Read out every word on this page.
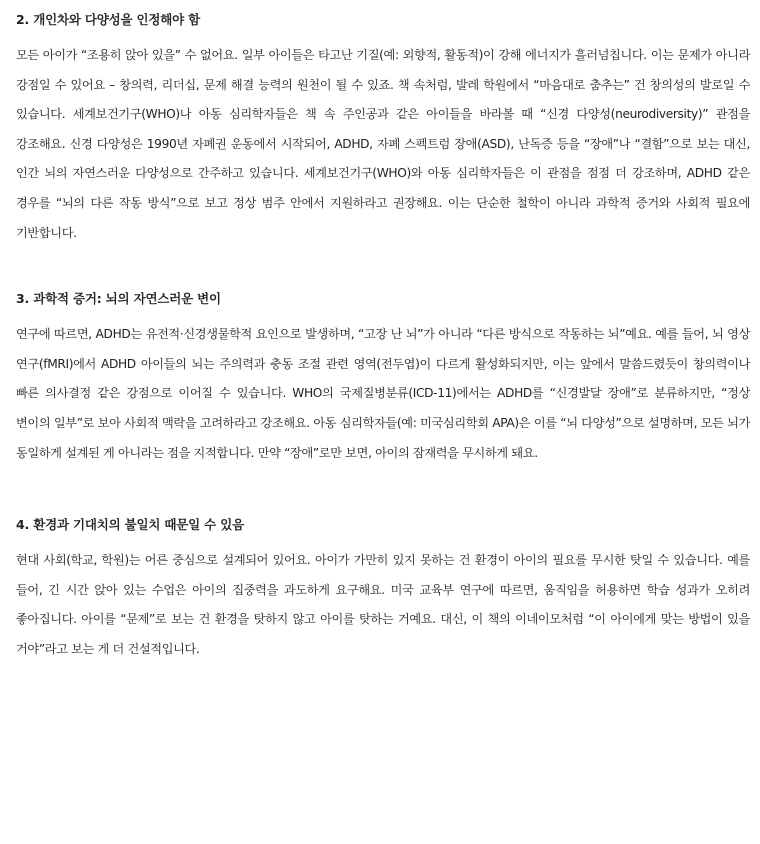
2. 개인차와 다양성을 인정해야 함

모든 아이가 “조용히 앉아 있을” 수 없어요. 일부 아이들은 타고난 기질(예: 외향적, 활동적)이 강해 에너지가 흘러넘칩니다. 이는 문제가 아니라 강점일 수 있어요 – 창의력, 리더십, 문제 해결 능력의 원천이 될 수 있죠. 책 속처럼, 발레 학원에서 “마음대로 춤추는” 건 창의성의 발로일 수 있습니다. 세계보건기구(WHO)나 아동 심리학자들은 책 속 주인공과 같은 아이들을 바라볼 때 “신경 다양성(neurodiversity)” 관점을 강조해요. 신경 다양성은 1990년 자폐권 운동에서 시작되어, ADHD, 자폐 스펙트럼 장애(ASD), 난독증 등을 “장애”나 “결함”으로 보는 대신, 인간 뇌의 자연스러운 다양성으로 간주하고 있습니다. 세계보건기구(WHO)와 아동 심리학자들은 이 관점을 점점 더 강조하며, ADHD 같은 경우를 “뇌의 다른 작동 방식”으로 보고 정상 범주 안에서 지원하라고 권장해요. 이는 단순한 철학이 아니라 과학적 증거와 사회적 필요에 기반합니다.

3. 과학적 증거: 뇌의 자연스러운 변이

연구에 따르면, ADHD는 유전적·신경생물학적 요인으로 발생하며, “고장 난 뇌”가 아니라 “다른 방식으로 작동하는 뇌”예요. 예를 들어, 뇌 영상 연구(fMRI)에서 ADHD 아이들의 뇌는 주의력과 충동 조절 관련 영역(전두엽)이 다르게 활성화되지만, 이는 앞에서 말씀드렸듯이 창의력이나 빠른 의사결정 같은 강점으로 이어질 수 있습니다. WHO의 국제질병분류(ICD-11)에서는 ADHD를 “신경발달 장애”로 분류하지만, “정상 변이의 일부”로 보아 사회적 맥락을 고려하라고 강조해요. 아동 심리학자들(예: 미국심리학회 APA)은 이를 “뇌 다양성”으로 설명하며, 모든 뇌가 동일하게 설계된 게 아니라는 점을 지적합니다. 만약 “장애”로만 보면, 아이의 잠재력을 무시하게 돼요.

4. 환경과 기대치의 불일치 때문일 수 있음

현대 사회(학교, 학원)는 어른 중심으로 설계되어 있어요. 아이가 가만히 있지 못하는 건 환경이 아이의 필요를 무시한 탓일 수 있습니다. 예를 들어, 긴 시간 앉아 있는 수업은 아이의 집중력을 과도하게 요구해요. 미국 교육부 연구에 따르면, 움직임을 허용하면 학습 성과가 오히려 좋아집니다. 아이를 “문제”로 보는 건 환경을 탓하지 않고 아이를 탓하는 거예요. 대신, 이 책의 이네이모처럼 “이 아이에게 맞는 방법이 있을 거야”라고 보는 게 더 건설적입니다.
